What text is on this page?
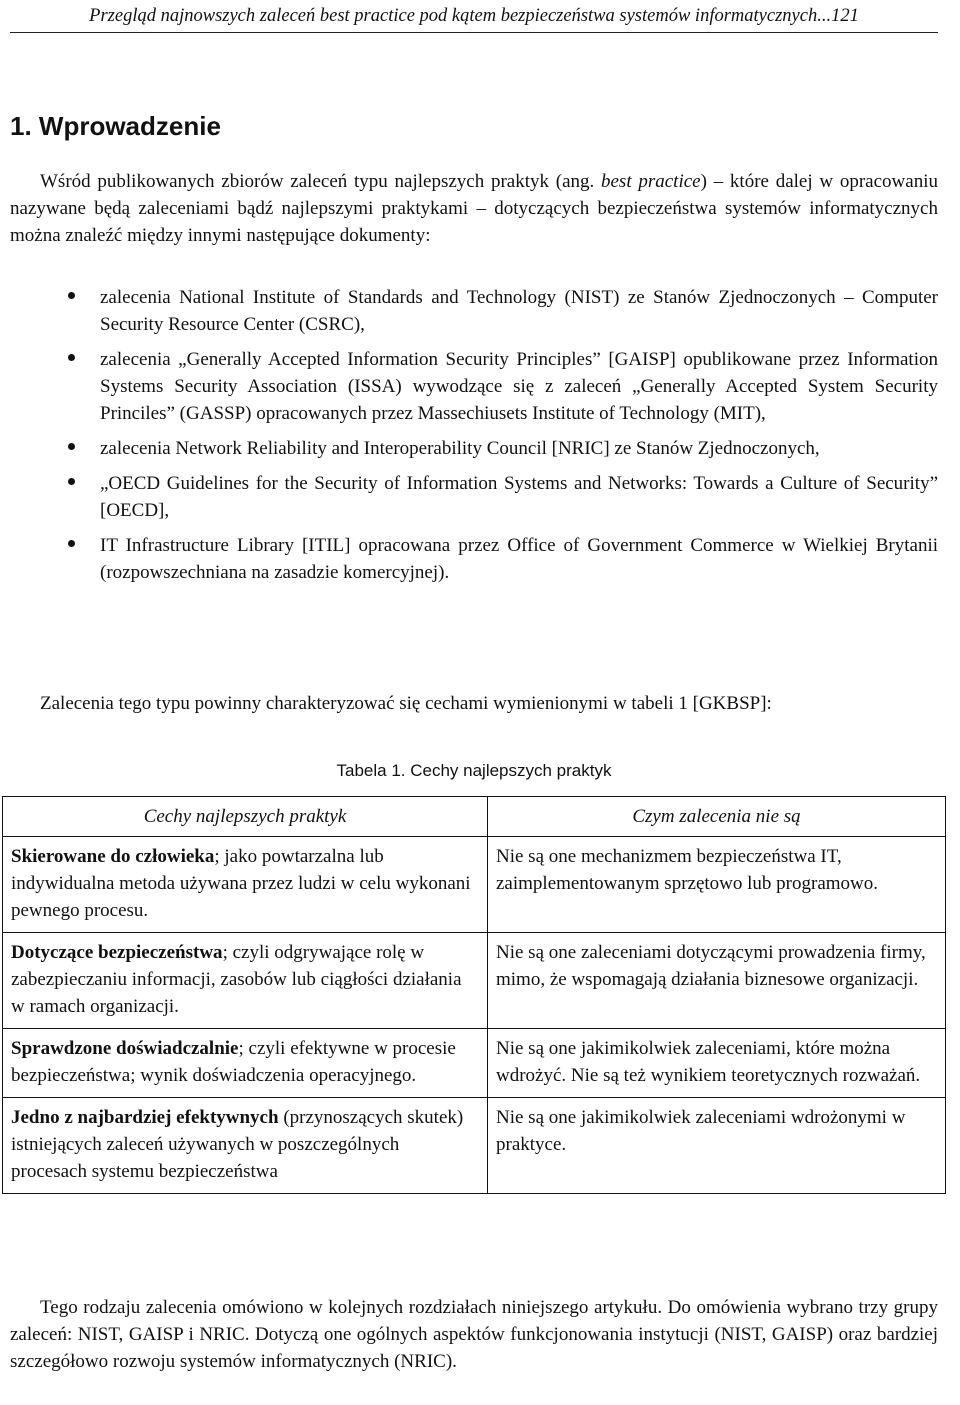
Przegląd najnowszych zaleceń best practice pod kątem bezpieczeństwa systemów informatycznych...121
1. Wprowadzenie

Wśród publikowanych zbiorów zaleceń typu najlepszych praktyk (ang. best practice) – które dalej w opracowaniu nazywane będą zaleceniami bądź najlepszymi praktykami – dotyczących bezpieczeństwa systemów informatycznych można znaleźć między innymi następujące dokumenty:

zalecenia National Institute of Standards and Technology (NIST) ze Stanów Zjednoczonych – Computer Security Resource Center (CSRC),
zalecenia „Generally Accepted Information Security Principles” [GAISP] opublikowane przez Information Systems Security Association (ISSA) wywodzące się z zaleceń „Generally Accepted System Security Princiles” (GASSP) opracowanych przez Massechiusets Institute of Technology (MIT),
zalecenia Network Reliability and Interoperability Council [NRIC] ze Stanów Zjednoczonych,
„OECD Guidelines for the Security of Information Systems and Networks: Towards a Culture of Security” [OECD],
IT Infrastructure Library [ITIL] opracowana przez Office of Government Commerce w Wielkiej Brytanii (rozpowszechniana na zasadzie komercyjnej).

Zalecenia tego typu powinny charakteryzować się cechami wymienionymi w tabeli 1 [GKBSP]:

Tabela 1. Cechy najlepszych praktyk
Cechy najlepszych praktyk	Czym zalecenia nie są
Skierowane do człowieka; jako powtarzalna lub indywidualna metoda używana przez ludzi w celu wykonani pewnego procesu.	Nie są one mechanizmem bezpieczeństwa IT, zaimplementowanym sprzętowo lub programowo.
Dotyczące bezpieczeństwa; czyli odgrywające rolę w zabezpieczaniu informacji, zasobów lub ciągłości działania w ramach organizacji.	Nie są one zaleceniami dotyczącymi prowadzenia firmy, mimo, że wspomagają działania biznesowe organizacji.
Sprawdzone doświadczalnie; czyli efektywne w procesie bezpieczeństwa; wynik doświadczenia operacyjnego.	Nie są one jakimikolwiek zaleceniami, które można wdrożyć. Nie są też wynikiem teoretycznych rozważań.
Jedno z najbardziej efektywnych (przynoszących skutek) istniejących zaleceń używanych w poszczególnych procesach systemu bezpieczeństwa	Nie są one jakimikolwiek zaleceniami wdrożonymi w praktyce.

Tego rodzaju zalecenia omówiono w kolejnych rozdziałach niniejszego artykułu. Do omówienia wybrano trzy grupy zaleceń: NIST, GAISP i NRIC. Dotyczą one ogólnych aspektów funkcjonowania instytucji (NIST, GAISP) oraz bardziej szczegółowo rozwoju systemów informatycznych (NRIC).
